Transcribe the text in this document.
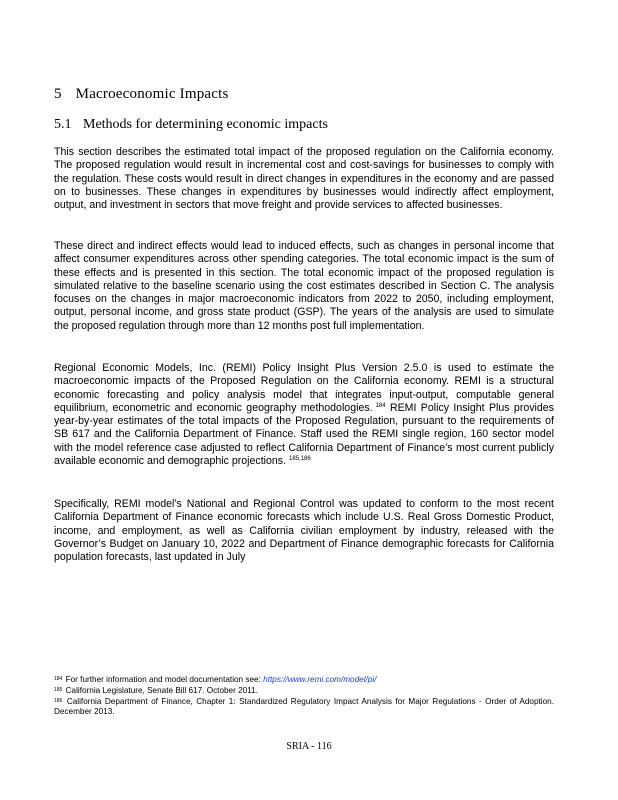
5 Macroeconomic Impacts
5.1 Methods for determining economic impacts

This section describes the estimated total impact of the proposed regulation on the California economy. The proposed regulation would result in incremental cost and cost-savings for businesses to comply with the regulation. These costs would result in direct changes in expenditures in the economy and are passed on to businesses. These changes in expenditures by businesses would indirectly affect employment, output, and investment in sectors that move freight and provide services to affected businesses.

These direct and indirect effects would lead to induced effects, such as changes in personal income that affect consumer expenditures across other spending categories. The total economic impact is the sum of these effects and is presented in this section. The total economic impact of the proposed regulation is simulated relative to the baseline scenario using the cost estimates described in Section C. The analysis focuses on the changes in major macroeconomic indicators from 2022 to 2050, including employment, output, personal income, and gross state product (GSP). The years of the analysis are used to simulate the proposed regulation through more than 12 months post full implementation.

Regional Economic Models, Inc. (REMI) Policy Insight Plus Version 2.5.0 is used to estimate the macroeconomic impacts of the Proposed Regulation on the California economy. REMI is a structural economic forecasting and policy analysis model that integrates input-output, computable general equilibrium, econometric and economic geography methodologies. $^{184}$ REMI Policy Insight Plus provides year-by-year estimates of the total impacts of the Proposed Regulation, pursuant to the requirements of SB 617 and the California Department of Finance. Staff used the REMI single region, 160 sector model with the model reference case adjusted to reflect California Department of Finance’s most current publicly available economic and demographic projections. $^{185,186}$

Specifically, REMI model’s National and Regional Control was updated to conform to the most recent California Department of Finance economic forecasts which include U.S. Real Gross Domestic Product, income, and employment, as well as California civilian employment by industry, released with the Governor’s Budget on January 10, 2022 and Department of Finance demographic forecasts for California population forecasts, last updated in July

$^{184}$ For further information and model documentation see: https://www.remi.com/model/pi/
$^{185}$ California Legislature, Senate Bill 617. October 2011.
$^{186}$ California Department of Finance, Chapter 1: Standardized Regulatory Impact Analysis for Major Regulations - Order of Adoption. December 2013.
SRIA - 116
